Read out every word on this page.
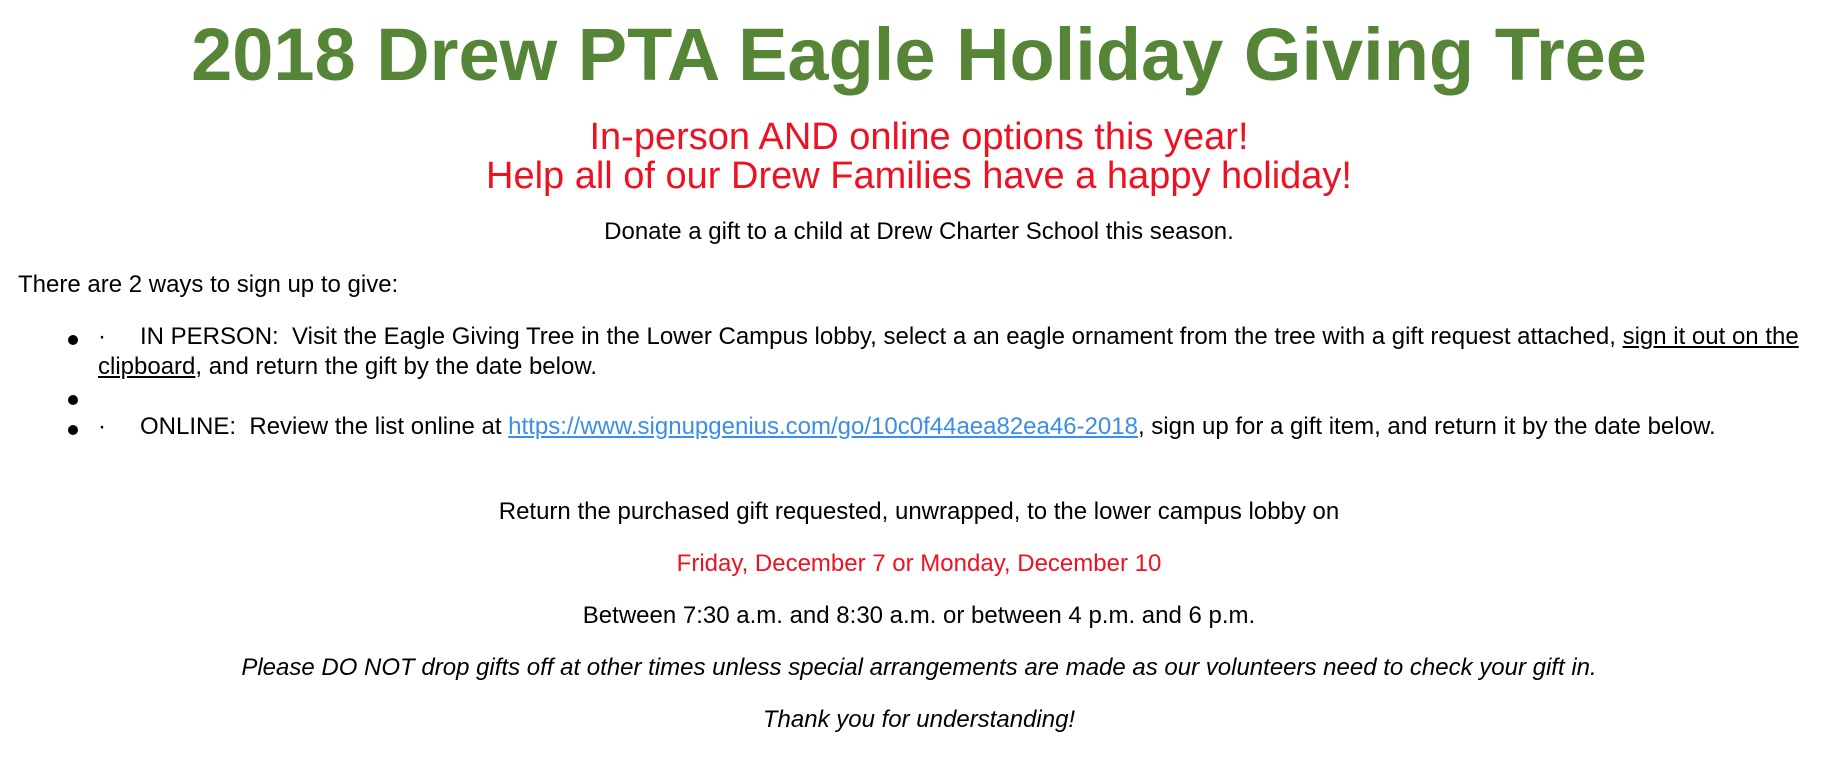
2018 Drew PTA Eagle Holiday Giving Tree
In-person AND online options this year!
Help all of our Drew Families have a happy holiday!
Donate a gift to a child at Drew Charter School this season.
There are 2 ways to sign up to give:
· IN PERSON: Visit the Eagle Giving Tree in the Lower Campus lobby, select a an eagle ornament from the tree with a gift request attached, sign it out on the clipboard, and return the gift by the date below.
· ONLINE: Review the list online at https://www.signupgenius.com/go/10c0f44aea82ea46-2018, sign up for a gift item, and return it by the date below.
Return the purchased gift requested, unwrapped, to the lower campus lobby on
Friday, December 7 or Monday, December 10
Between 7:30 a.m. and 8:30 a.m. or between 4 p.m. and 6 p.m.
Please DO NOT drop gifts off at other times unless special arrangements are made as our volunteers need to check your gift in.
Thank you for understanding!
